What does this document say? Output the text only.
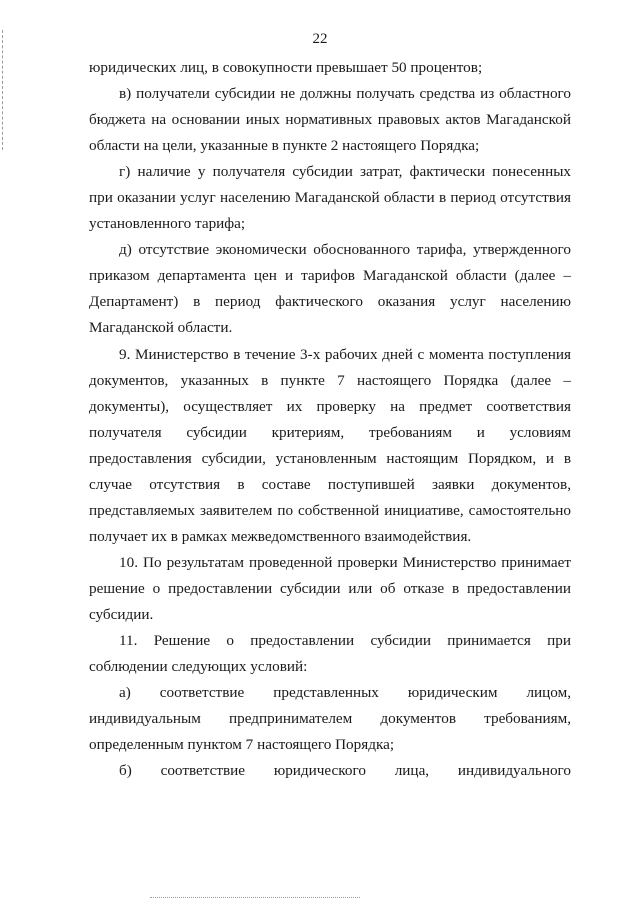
22

юридических лиц, в совокупности превышает 50 процентов;

в) получатели субсидии не должны получать средства из областного бюджета на основании иных нормативных правовых актов Магаданской области на цели, указанные в пункте 2 настоящего Порядка;

г) наличие у получателя субсидии затрат, фактически понесенных при оказании услуг населению Магаданской области в период отсутствия установленного тарифа;

д) отсутствие экономически обоснованного тарифа, утвержденного приказом департамента цен и тарифов Магаданской области (далее – Департамент) в период фактического оказания услуг населению Магаданской области.

9. Министерство в течение 3-х рабочих дней с момента поступления документов, указанных в пункте 7 настоящего Порядка (далее – документы), осуществляет их проверку на предмет соответствия получателя субсидии критериям, требованиям и условиям предоставления субсидии, установленным настоящим Порядком, и в случае отсутствия в составе поступившей заявки документов, представляемых заявителем по собственной инициативе, самостоятельно получает их в рамках межведомственного взаимодействия.

10. По результатам проведенной проверки Министерство принимает решение о предоставлении субсидии или об отказе в предоставлении субсидии.

11. Решение о предоставлении субсидии принимается при соблюдении следующих условий:

а) соответствие представленных юридическим лицом, индивидуальным предпринимателем документов требованиям, определенным пунктом 7 настоящего Порядка;

б) соответствие юридического лица, индивидуального
